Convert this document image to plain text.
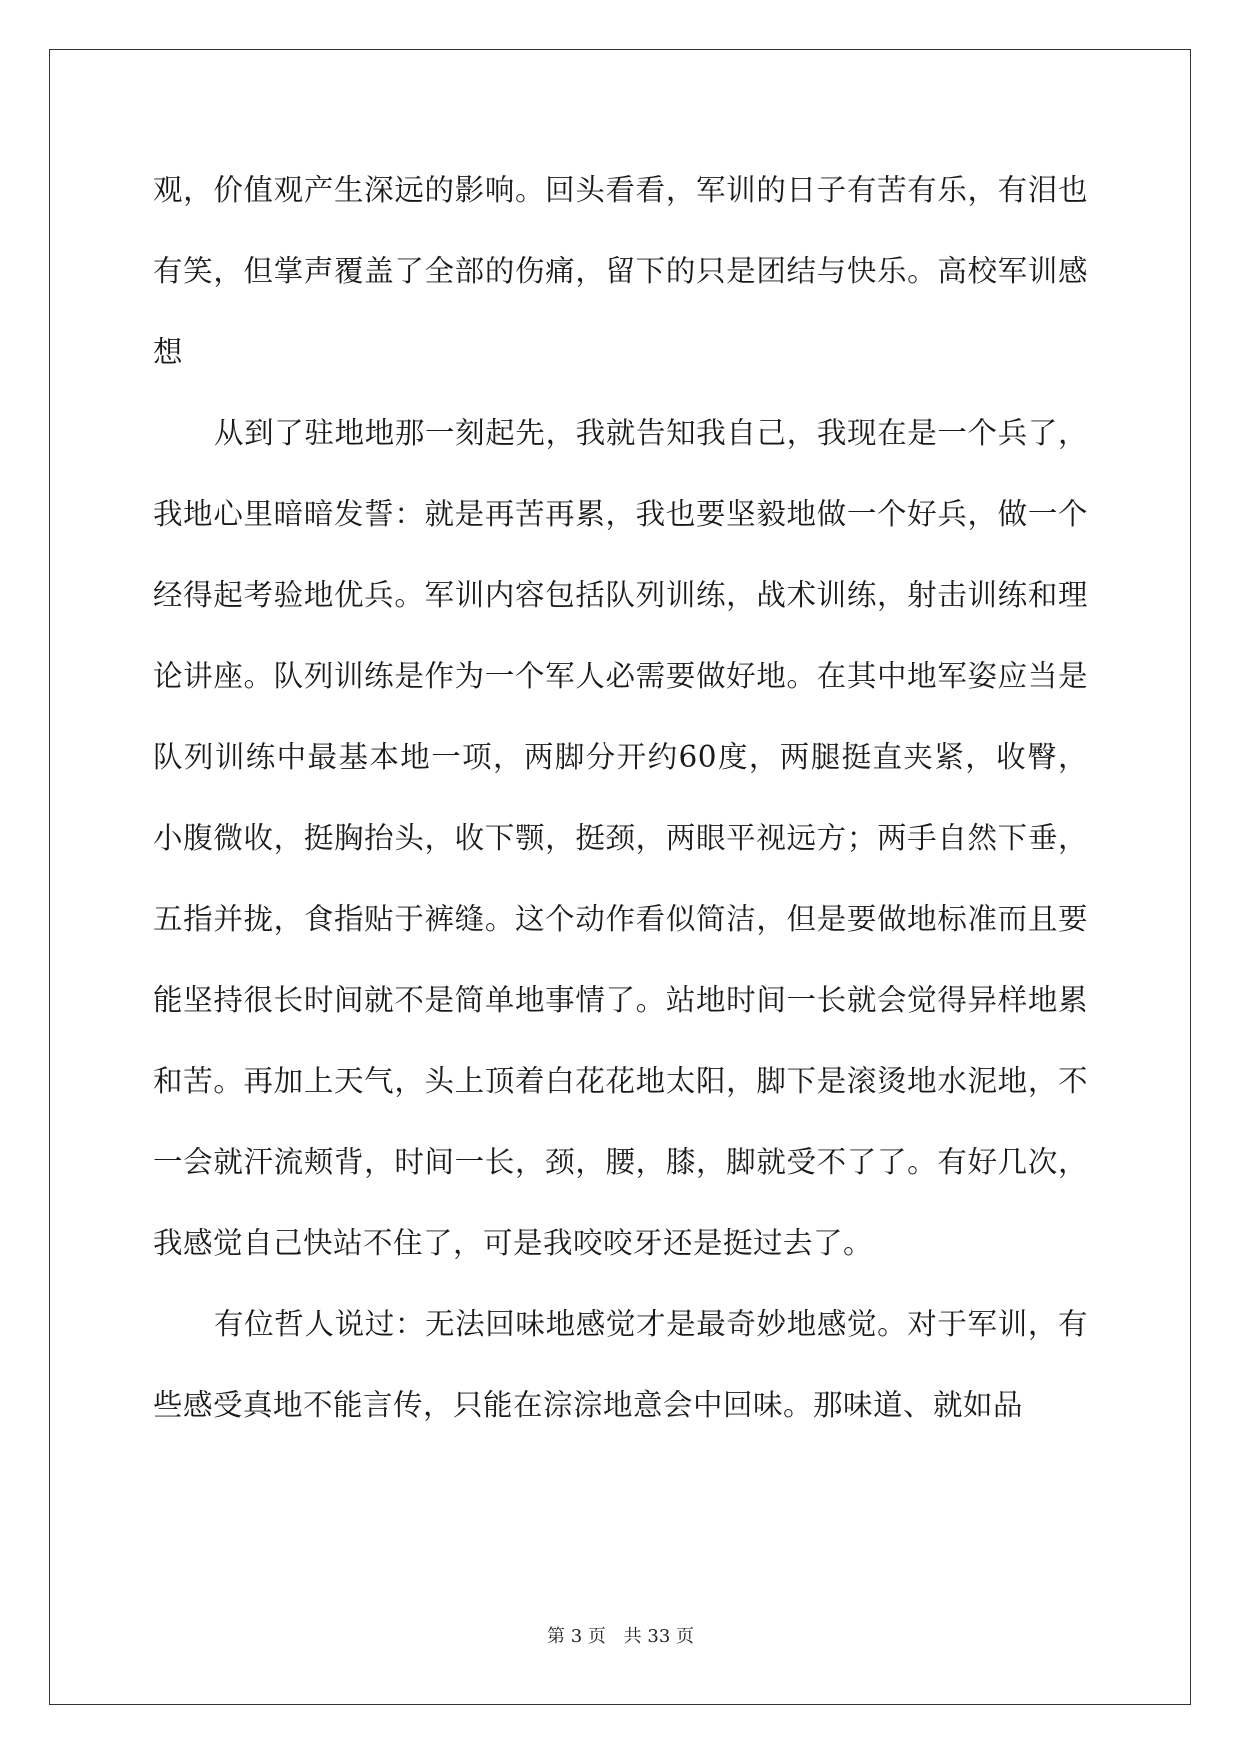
观，价值观产生深远的影响。回头看看，军训的日子有苦有乐，有泪也有笑，但掌声覆盖了全部的伤痛，留下的只是团结与快乐。高校军训感想

从到了驻地地那一刻起先，我就告知我自己，我现在是一个兵了，我地心里暗暗发誓：就是再苦再累，我也要坚毅地做一个好兵，做一个经得起考验地优兵。军训内容包括队列训练，战术训练，射击训练和理论讲座。队列训练是作为一个军人必需要做好地。在其中地军姿应当是队列训练中最基本地一项，两脚分开约60度，两腿挺直夹紧，收臀，小腹微收，挺胸抬头，收下颚，挺颈，两眼平视远方；两手自然下垂，五指并拢，食指贴于裤缝。这个动作看似简洁，但是要做地标准而且要能坚持很长时间就不是简单地事情了。站地时间一长就会觉得异样地累和苦。再加上天气，头上顶着白花花地太阳，脚下是滚烫地水泥地，不一会就汗流颊背，时间一长，颈，腰，膝，脚就受不了了。有好几次，我感觉自己快站不住了，可是我咬咬牙还是挺过去了。

有位哲人说过：无法回味地感觉才是最奇妙地感觉。对于军训，有些感受真地不能言传，只能在淙淙地意会中回味。那味道、就如品

第 3 页 共 33 页
